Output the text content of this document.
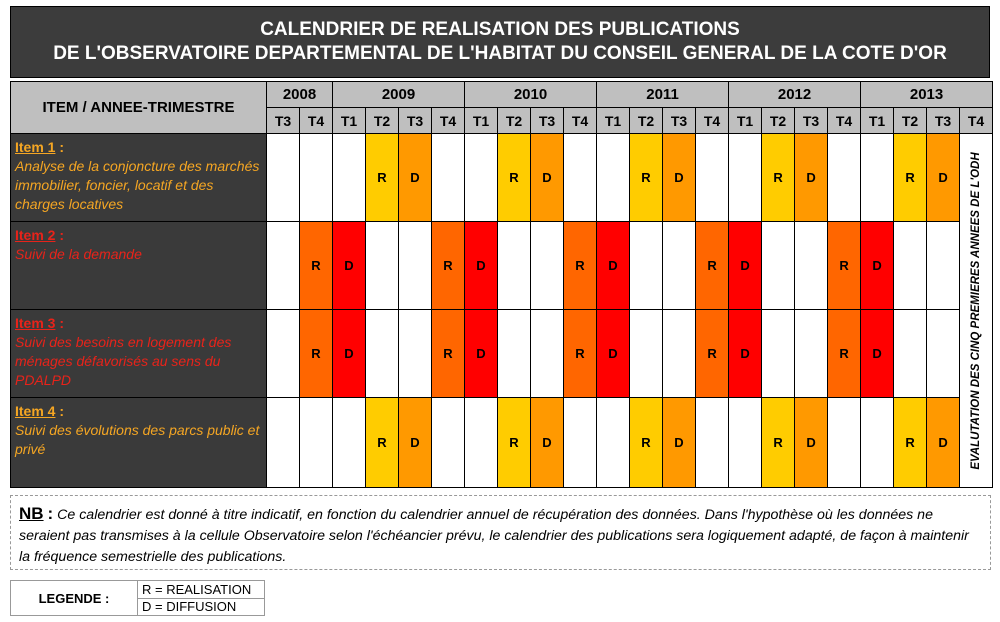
CALENDRIER DE REALISATION DES PUBLICATIONS
DE L'OBSERVATOIRE DEPARTEMENTAL DE L'HABITAT DU CONSEIL GENERAL DE LA COTE D'OR
ITEM / ANNEE-TRIMESTRE	2008		2009				2010				2011				2012				2013			
	T3	T4	T1	T2	T3	T4	T1	T2	T3	T4	T1	T2	T3	T4	T1	T2	T3	T4	T1	T2	T3	T4
Item 1 :
Analyse de la conjoncture des marchés immobilier, foncier, locatif et des charges locatives				R	D			R	D			R	D			R	D			R	D	EVALUTATION DES CINQ PREMIERES ANNEES DE L'ODH

Item 2 :
Suivi de la demande		R	D			R	D			R	D			R	D			R	D			
Item 3 :
Suivi des besoins en logement des ménages défavorisés au sens du PDALPD		R	D			R	D			R	D			R	D			R	D			
Item 4 :
Suivi des évolutions des parcs public et privé				R	D			R	D			R	D			R	D			R	D	
NB : Ce calendrier est donné à titre indicatif, en fonction du calendrier annuel de récupération des données. Dans l'hypothèse où les données ne seraient pas transmises à la cellule Observatoire selon l'échéancier prévu, le calendrier des publications sera logiquement adapté, de façon à maintenir la fréquence semestrielle des publications.
LEGENDE :	R = REALISATION
D = DIFFUSION
